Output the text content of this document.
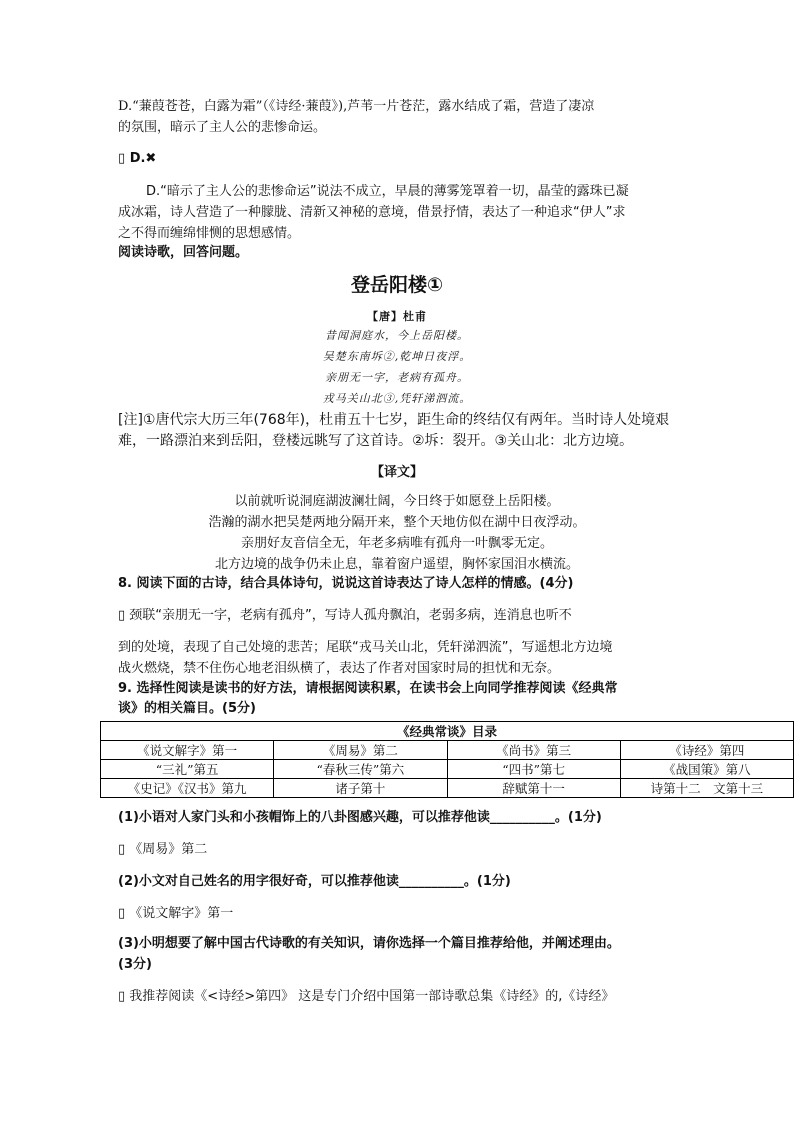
D.“蒹葭苍苍，白露为霜”（《诗经·蒹葭》),芦苇一片苍茫，露水结成了霜，营造了凄凉
的氛围，暗示了主人公的悲惨命运。
▯ D.✖
D.“暗示了主人公的悲惨命运”说法不成立，早晨的薄雾笼罩着一切，晶莹的露珠已凝
成冰霜，诗人营造了一种朦胧、清新又神秘的意境，借景抒情，表达了一种追求“伊人”求
之不得而缠绵悱恻的思想感情。
阅读诗歌，回答问题。
登岳阳楼①
【唐】杜甫
昔闻洞庭水，今上岳阳楼。
吴楚东南坼②,乾坤日夜浮。
亲朋无一字，老病有孤舟。
戎马关山北③,凭轩涕泗流。
[注]①唐代宗大历三年(768年)，杜甫五十七岁，距生命的终结仅有两年。当时诗人处境艰
难，一路漂泊来到岳阳，登楼远眺写了这首诗。②坼：裂开。③关山北：北方边境。
【译文】
以前就听说洞庭湖波澜壮阔，今日终于如愿登上岳阳楼。
浩瀚的湖水把吴楚两地分隔开来，整个天地仿似在湖中日夜浮动。
亲朋好友音信全无，年老多病唯有孤舟一叶飘零无定。
北方边境的战争仍未止息，靠着窗户遥望，胸怀家国泪水横流。
8. 阅读下面的古诗，结合具体诗句，说说这首诗表达了诗人怎样的情感。(4分)
▯ 颈联“亲朋无一字，老病有孤舟”，写诗人孤舟飘泊，老弱多病，连消息也听不
到的处境，表现了自己处境的悲苦；尾联“戎马关山北，凭轩涕泗流”，写遥想北方边境
战火燃烧，禁不住伤心地老泪纵横了，表达了作者对国家时局的担忧和无奈。
9. 选择性阅读是读书的好方法，请根据阅读积累，在读书会上向同学推荐阅读《经典常
谈》的相关篇目。(5分)
《经典常谈》目录			
《说文解字》第一	《周易》第二	《尚书》第三	《诗经》第四
“三礼”第五	“春秋三传”第六	“四书”第七	《战国策》第八
《史记》《汉书》第九	诸子第十	辞赋第十一	诗第十二　文第十三
(1)小语对人家门头和小孩帽饰上的八卦图感兴趣，可以推荐他读__________。(1分)
▯ 《周易》第二
(2)小文对自己姓名的用字很好奇，可以推荐他读__________。(1分)
▯ 《说文解字》第一
(3)小明想要了解中国古代诗歌的有关知识，请你选择一个篇目推荐给他，并阐述理由。
(3分)
▯ 我推荐阅读《<诗经>第四》 这是专门介绍中国第一部诗歌总集《诗经》的,《诗经》
